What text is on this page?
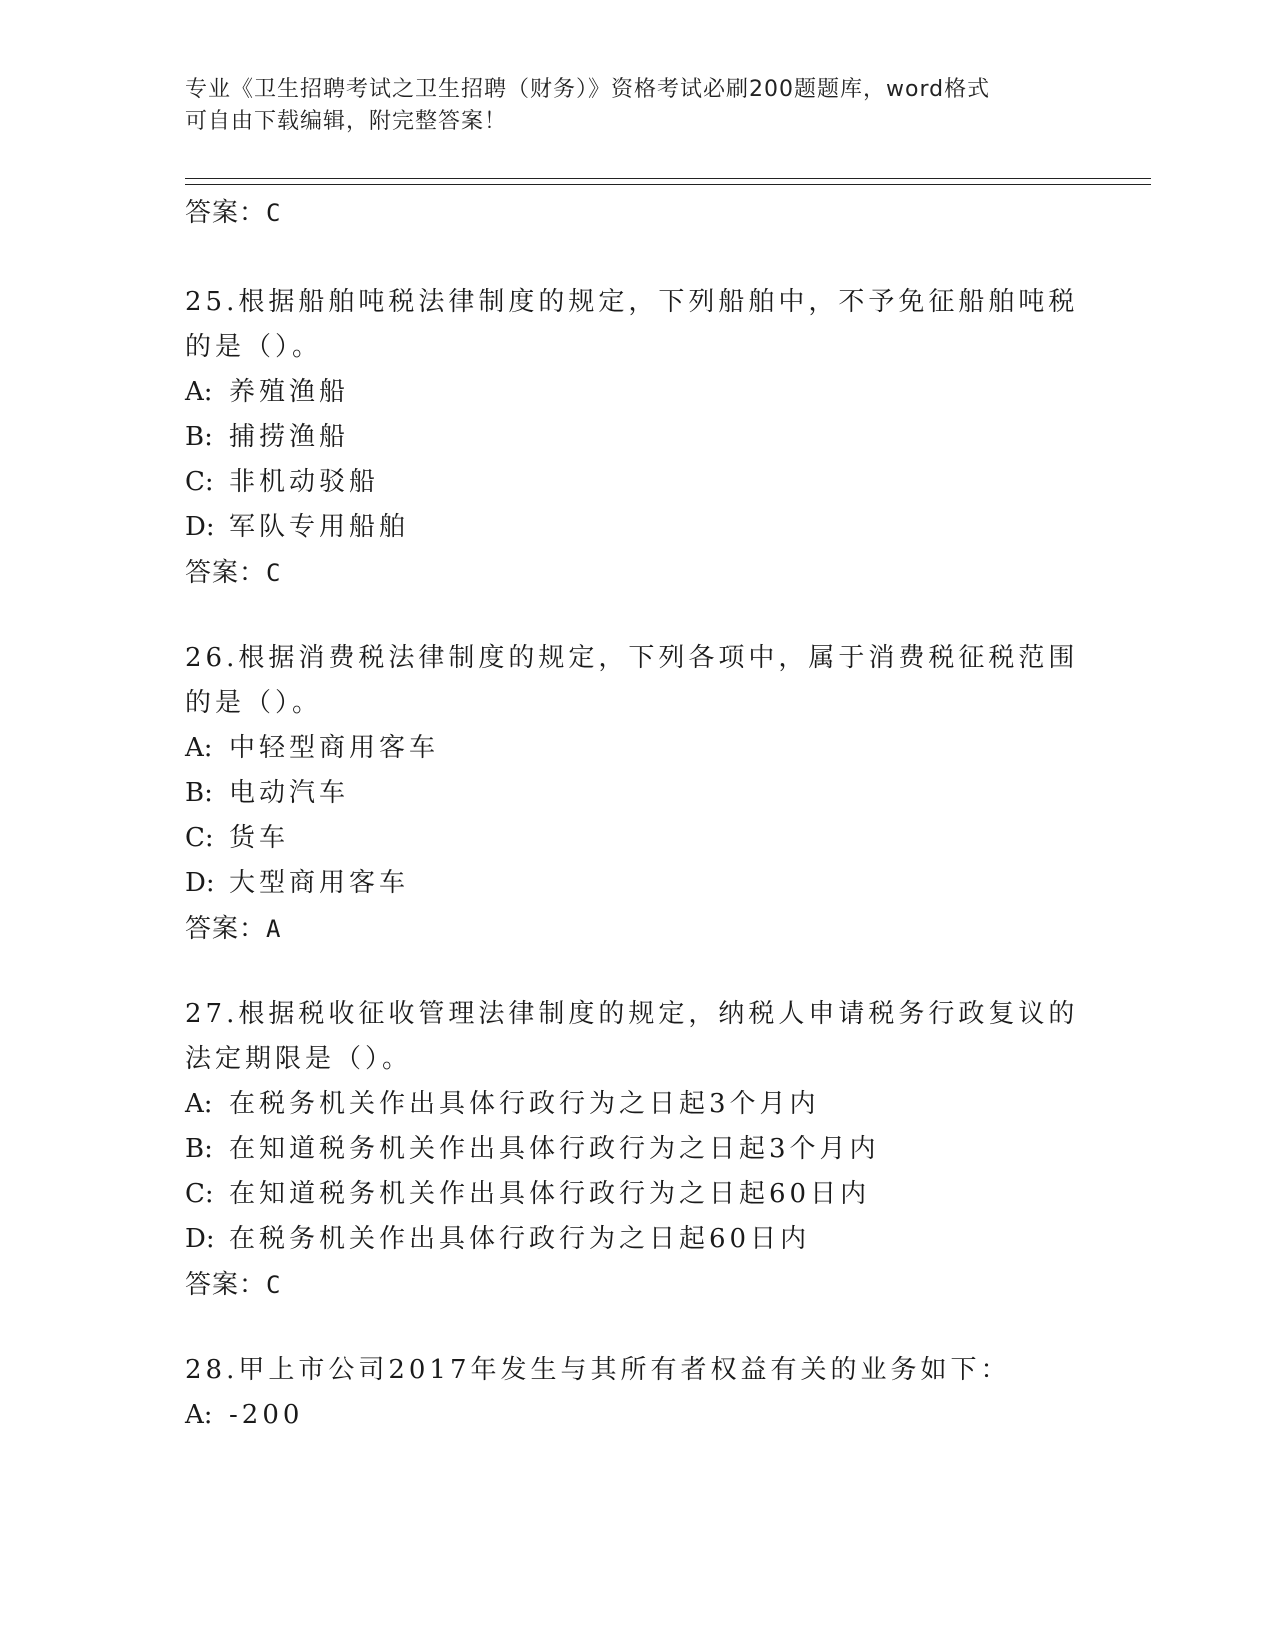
专业《卫生招聘考试之卫生招聘（财务）》资格考试必刷200题题库，word格式
可自由下载编辑，附完整答案！

答案：C

25.根据船舶吨税法律制度的规定，下列船舶中，不予免征船舶吨税的是（）。

A: 养殖渔船

B: 捕捞渔船

C: 非机动驳船

D: 军队专用船舶

答案：C

26.根据消费税法律制度的规定，下列各项中，属于消费税征税范围的是（）。

A: 中轻型商用客车

B: 电动汽车

C: 货车

D: 大型商用客车

答案：A

27.根据税收征收管理法律制度的规定，纳税人申请税务行政复议的法定期限是（）。

A: 在税务机关作出具体行政行为之日起3个月内

B: 在知道税务机关作出具体行政行为之日起3个月内

C: 在知道税务机关作出具体行政行为之日起60日内

D: 在税务机关作出具体行政行为之日起60日内

答案：C

28.甲上市公司2017年发生与其所有者权益有关的业务如下：

A: -200
